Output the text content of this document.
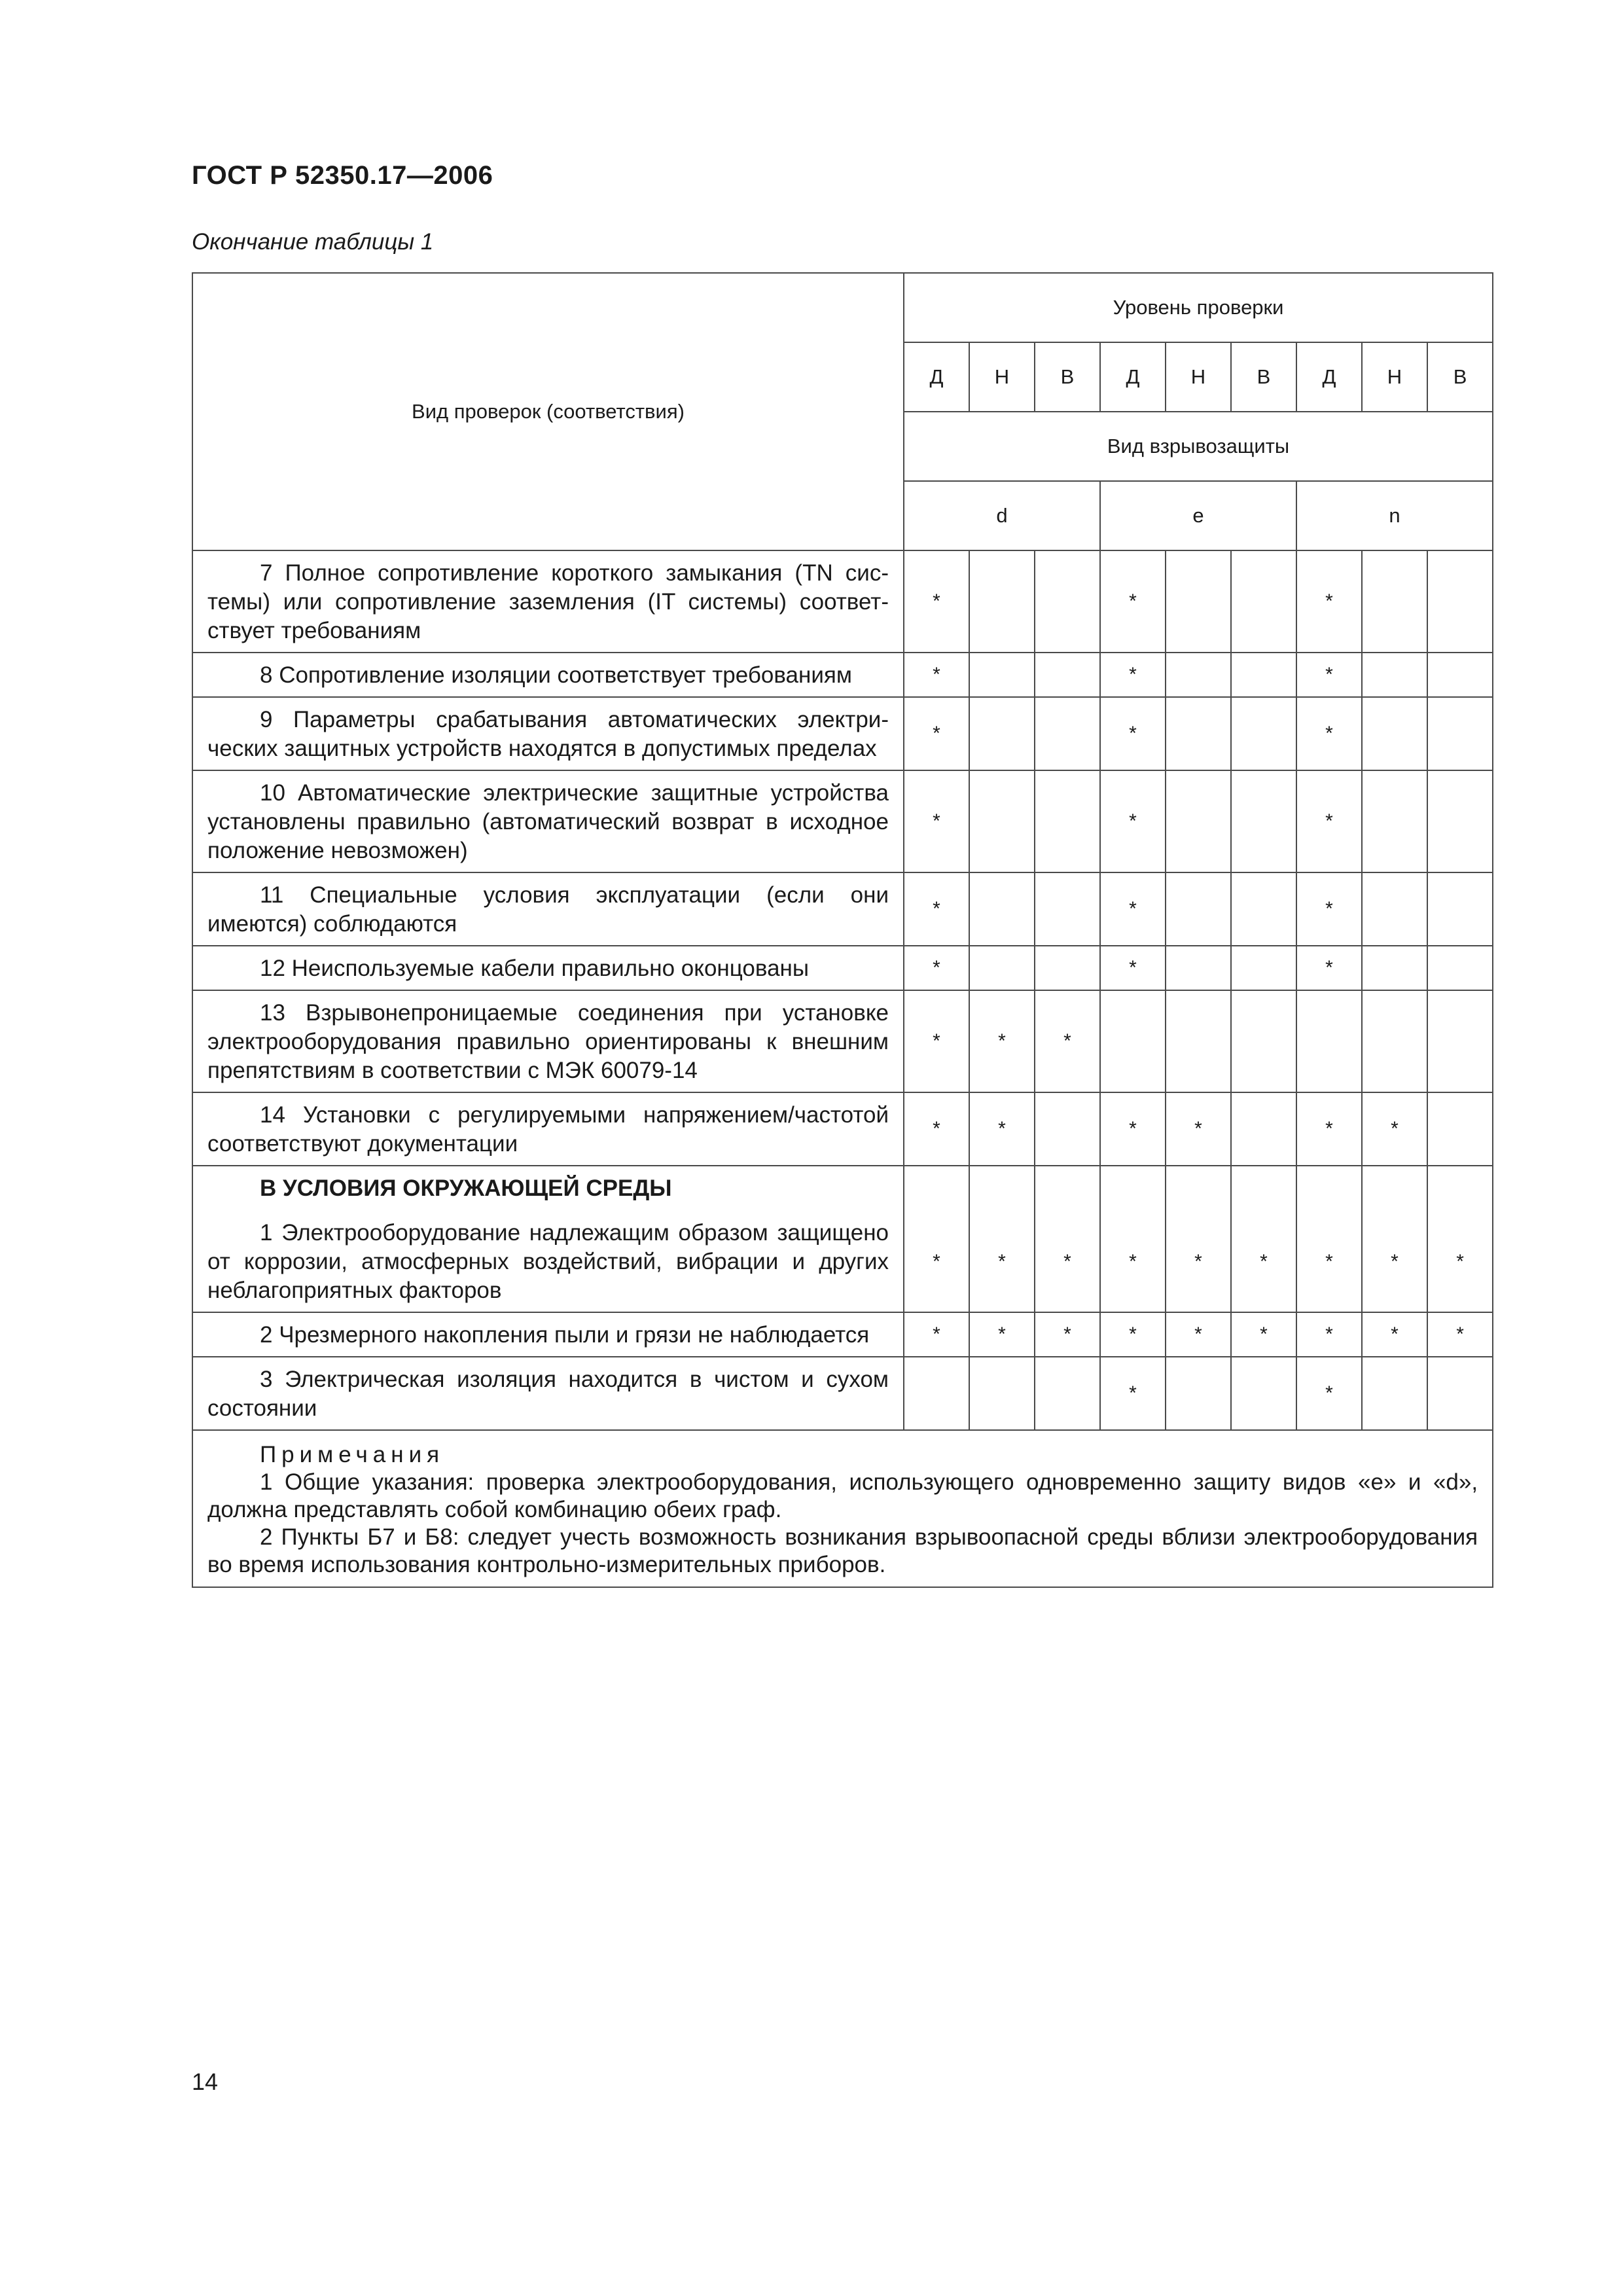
ГОСТ Р 52350.17—2006
Окончание таблицы 1
Вид проверок (соответствия)	Уровень проверки								
	Д	Н	В	Д	Н	В	Д	Н	В
	Вид взрывозащиты								
	d			e			n		

7 Полное сопротивление короткого замыкания (TN системы) или сопротивление заземления (IT системы) соответствует требованиям	*			*			*		

8 Сопротивление изоляции соответствует требованиям	*			*			*		

9 Параметры срабатывания автоматических электрических защитных устройств находятся в допустимых пределах	*			*			*		

10 Автоматические электрические защитные устройства установлены правильно (автоматический возврат в исходное положение невозможен)	*			*			*		

11 Специальные условия эксплуатации (если они имеются) соблюдаются	*			*			*		

12 Неиспользуемые кабели правильно оконцованы	*			*			*		

13 Взрывонепроницаемые соединения при установке электрооборудования правильно ориентированы к внешним препятствиям в соответствии с МЭК 60079-14	*	*	*						

14 Установки с регулируемыми напряжением/частотой соответствуют документации	*	*		*	*		*	*	

В УСЛОВИЯ ОКРУЖАЮЩЕЙ СРЕДЫ
1 Электрооборудование надлежащим образом защищено от коррозии, атмосферных воздействий, вибрации и других неблагоприятных факторов	*	*	*	*	*	*	*	*	*

2 Чрезмерного накопления пыли и грязи не наблюдается	*	*	*	*	*	*	*	*	*

3 Электрическая изоляция находится в чистом и сухом состоянии				*			*		

Примечания
1 Общие указания: проверка электрооборудования, использующего одновременно защиту видов «e» и «d», должна представлять собой комбинацию обеих граф.
2 Пункты Б7 и Б8: следует учесть возможность возникания взрывоопасной среды вблизи электрооборудования во время использования контрольно-измерительных приборов.									
14
